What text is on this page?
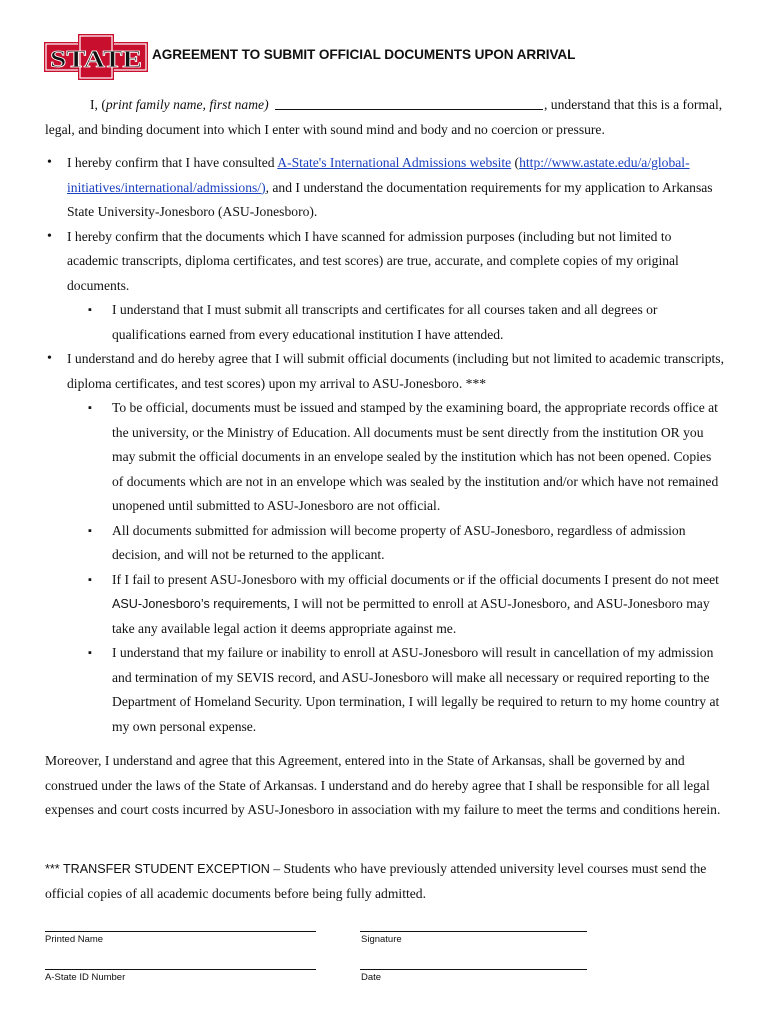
STATE AGREEMENT TO SUBMIT OFFICIAL DOCUMENTS UPON ARRIVAL
I, (print family name, first name)	, understand that this is a formal, legal, and binding document into which I enter with sound mind and body and no coercion or pressure.
• I hereby confirm that I have consulted A-State's International Admissions website (http://www.astate.edu/a/global-initiatives/international/admissions/), and I understand the documentation requirements for my application to Arkansas State University-Jonesboro (ASU-Jonesboro).
• I hereby confirm that the documents which I have scanned for admission purposes (including but not limited to academic transcripts, diploma certificates, and test scores) are true, accurate, and complete copies of my original documents.
▪ I understand that I must submit all transcripts and certificates for all courses taken and all degrees or qualifications earned from every educational institution I have attended.
• I understand and do hereby agree that I will submit official documents (including but not limited to academic transcripts, diploma certificates, and test scores) upon my arrival to ASU-Jonesboro. ***
▪ To be official, documents must be issued and stamped by the examining board, the appropriate records office at the university, or the Ministry of Education. All documents must be sent directly from the institution OR you may submit the official documents in an envelope sealed by the institution which has not been opened. Copies of documents which are not in an envelope which was sealed by the institution and/or which have not remained unopened until submitted to ASU-Jonesboro are not official.
▪ All documents submitted for admission will become property of ASU-Jonesboro, regardless of admission decision, and will not be returned to the applicant.
▪ If I fail to present ASU-Jonesboro with my official documents or if the official documents I present do not meet ASU-Jonesboro’s requirements, I will not be permitted to enroll at ASU-Jonesboro, and ASU-Jonesboro may take any available legal action it deems appropriate against me.
▪ I understand that my failure or inability to enroll at ASU-Jonesboro will result in cancellation of my admission and termination of my SEVIS record, and ASU-Jonesboro will make all necessary or required reporting to the Department of Homeland Security. Upon termination, I will legally be required to return to my home country at my own personal expense.
Moreover, I understand and agree that this Agreement, entered into in the State of Arkansas, shall be governed by and construed under the laws of the State of Arkansas. I understand and do hereby agree that I shall be responsible for all legal expenses and court costs incurred by ASU-Jonesboro in association with my failure to meet the terms and conditions herein.
*** TRANSFER STUDENT EXCEPTION – Students who have previously attended university level courses must send the official copies of all academic documents before being fully admitted.
Printed Name	Signature
A-State ID Number	Date
